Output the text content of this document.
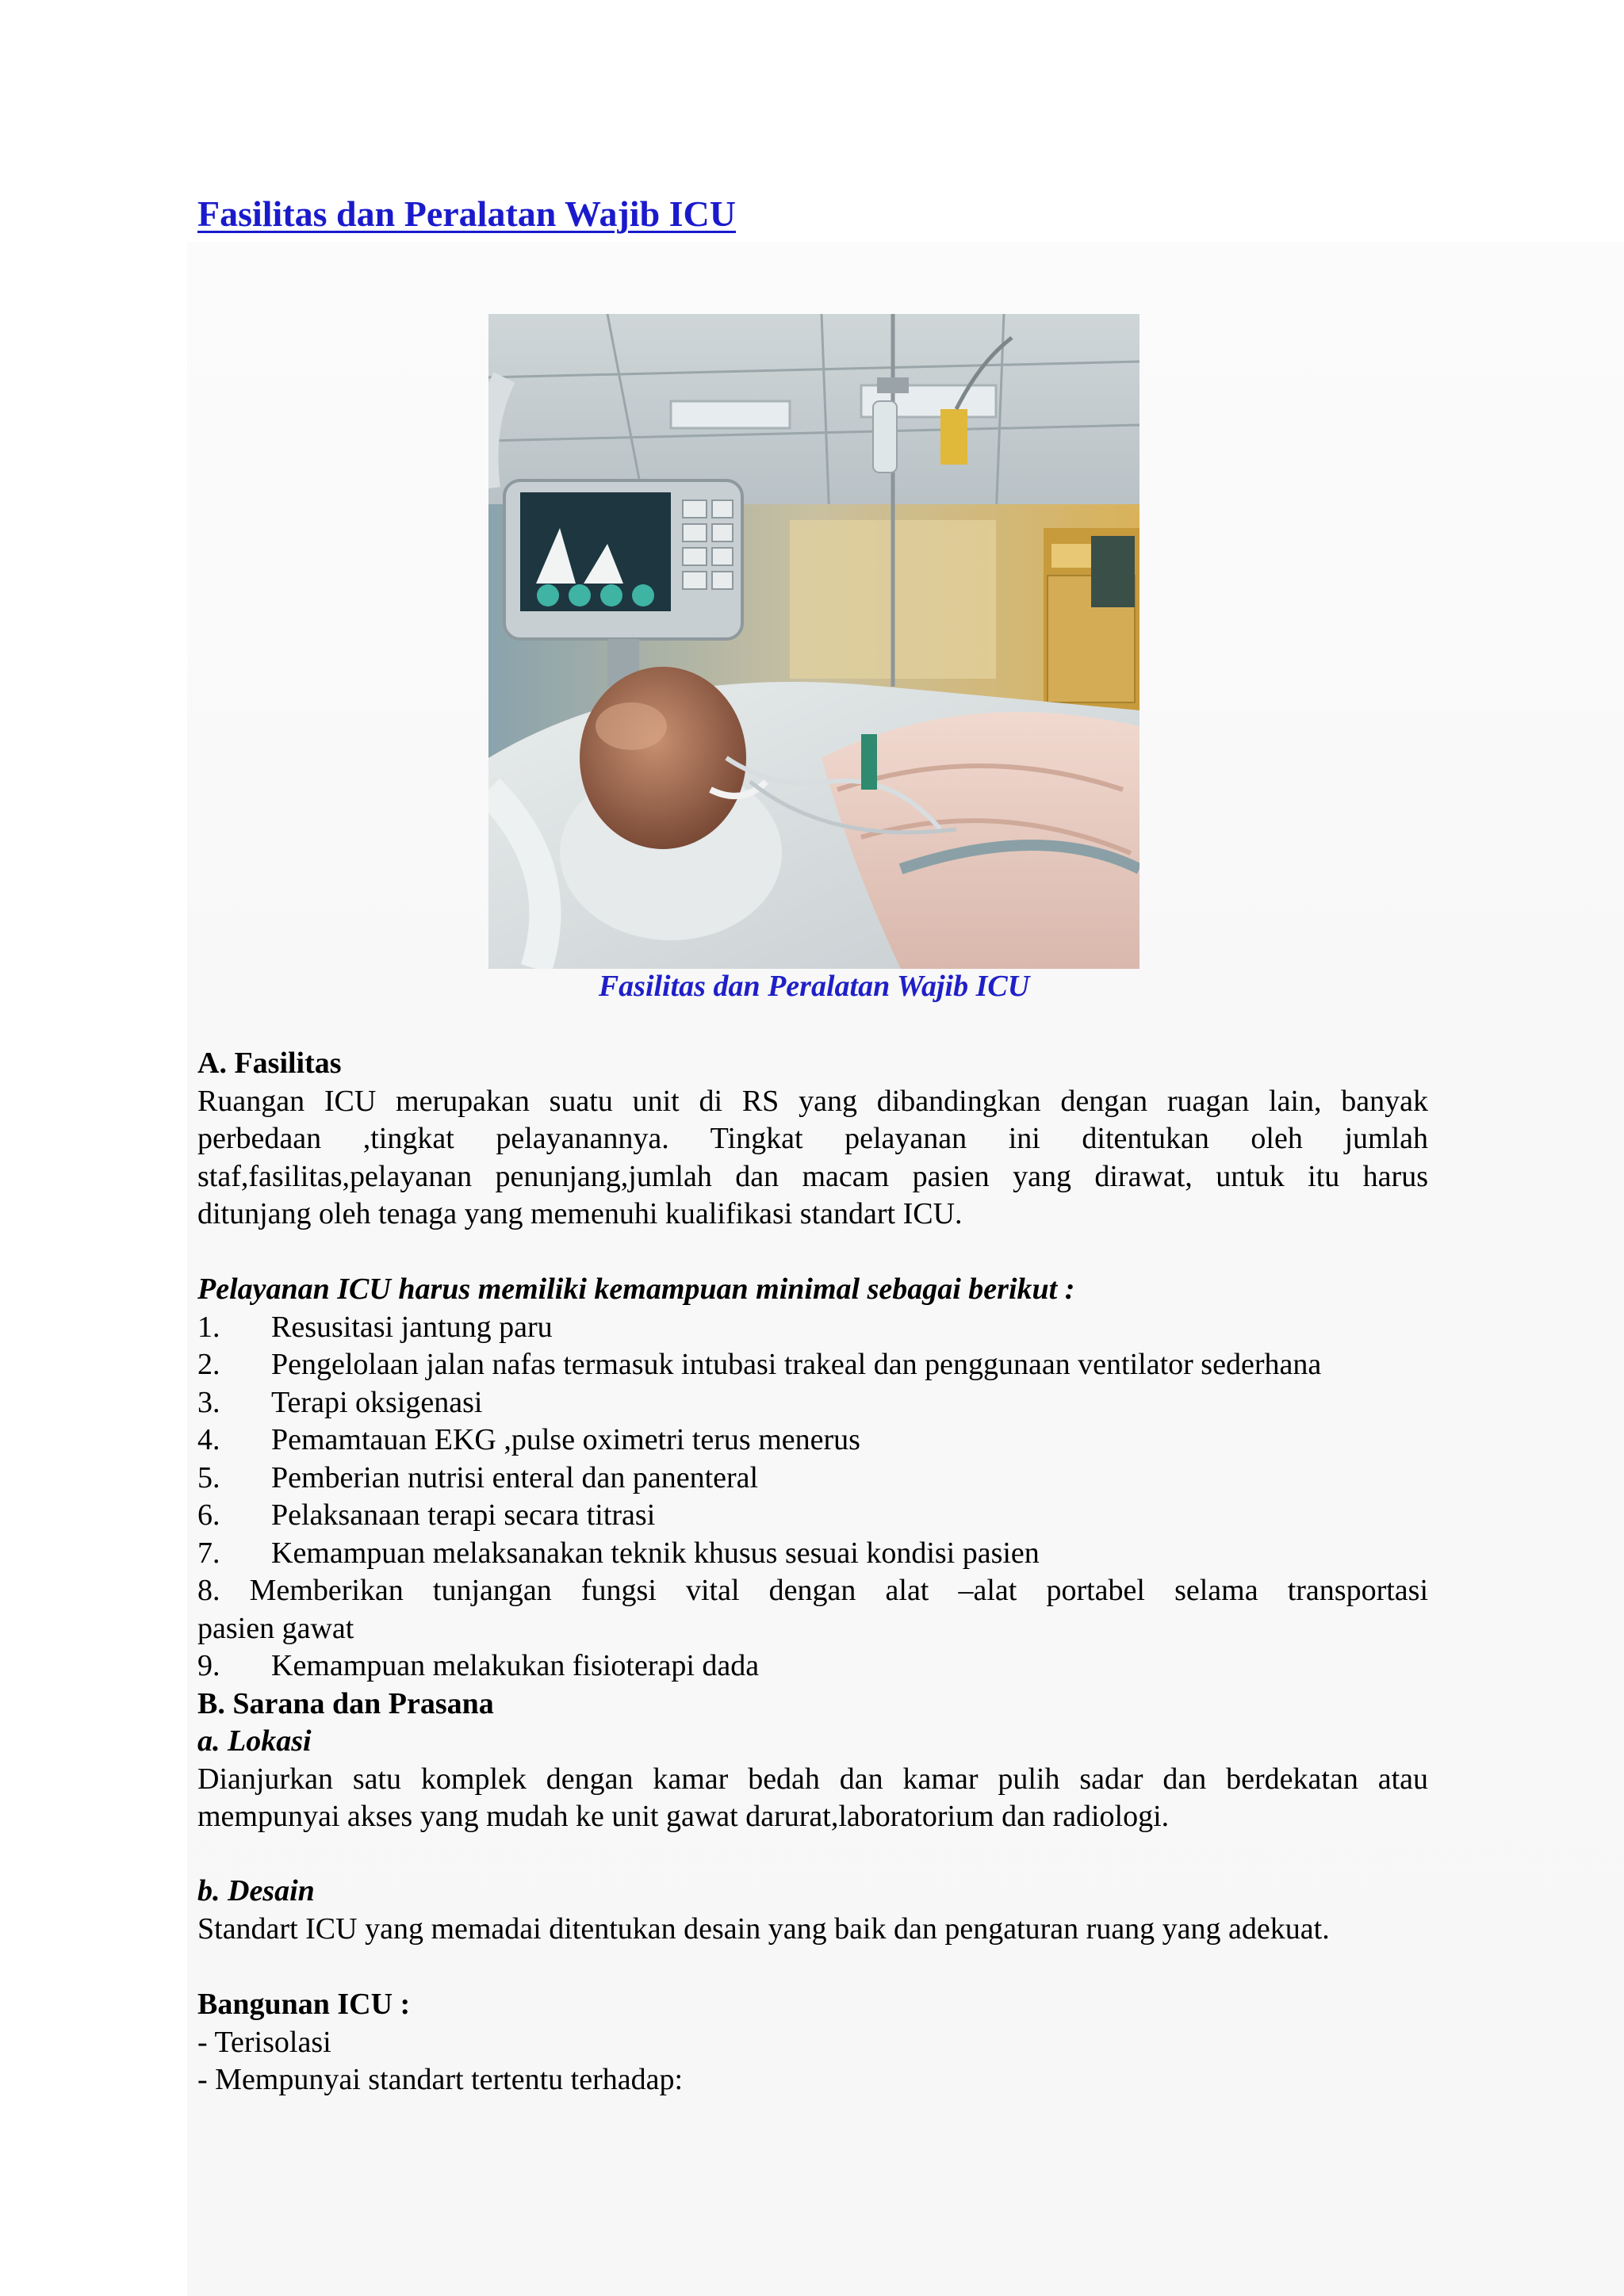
Fasilitas dan Peralatan Wajib ICU
Fasilitas dan Peralatan Wajib ICU
A. Fasilitas
Ruangan ICU merupakan suatu unit di RS yang dibandingkan dengan ruagan lain, banyak
perbedaan ,tingkat pelayanannya. Tingkat pelayanan ini ditentukan oleh jumlah
staf,fasilitas,pelayanan penunjang,jumlah dan macam pasien yang dirawat, untuk itu harus
ditunjang oleh tenaga yang memenuhi kualifikasi standart ICU.
Pelayanan ICU harus memiliki kemampuan minimal sebagai berikut :
1. Resusitasi jantung paru
2. Pengelolaan jalan nafas termasuk intubasi trakeal dan penggunaan ventilator sederhana
3. Terapi oksigenasi
4. Pemamtauan EKG ,pulse oximetri terus menerus
5. Pemberian nutrisi enteral dan panenteral
6. Pelaksanaan terapi secara titrasi
7. Kemampuan melaksanakan teknik khusus sesuai kondisi pasien
8. Memberikan tunjangan fungsi vital dengan alat –alat portabel selama transportasi
pasien gawat
9. Kemampuan melakukan fisioterapi dada
B. Sarana dan Prasana
a. Lokasi
Dianjurkan satu komplek dengan kamar bedah dan kamar pulih sadar dan berdekatan atau
mempunyai akses yang mudah ke unit gawat darurat,laboratorium dan radiologi.
b. Desain
Standart ICU yang memadai ditentukan desain yang baik dan pengaturan ruang yang adekuat.
Bangunan ICU :
- Terisolasi
- Mempunyai standart tertentu terhadap:
